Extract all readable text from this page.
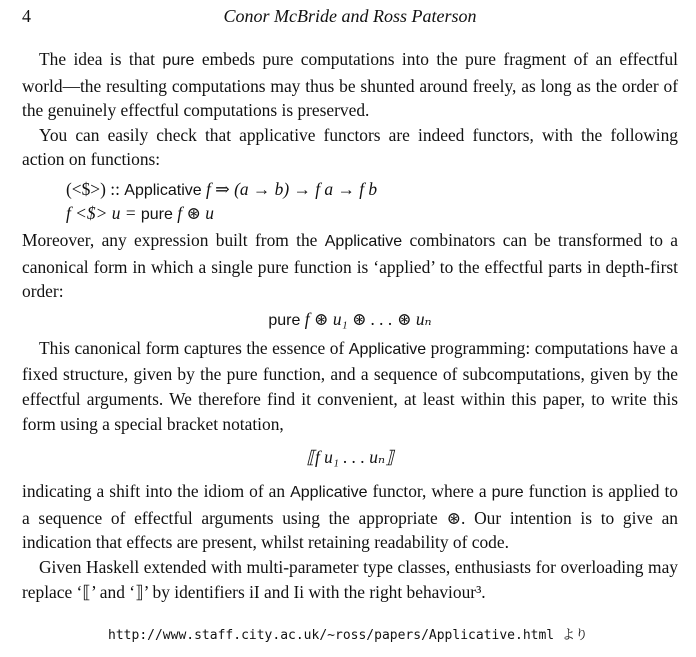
4	Conor McBride and Ross Paterson

The idea is that pure embeds pure computations into the pure fragment of an effectful world—the resulting computations may thus be shunted around freely, as long as the order of the genuinely effectful computations is preserved.

You can easily check that applicative functors are indeed functors, with the following action on functions:

(<$>) :: Applicative f ⇒ (a → b) → f a → f b
f <$> u = pure f ⊛ u

Moreover, any expression built from the Applicative combinators can be transformed to a canonical form in which a single pure function is ‘applied’ to the effectful parts in depth-first order:

pure f ⊛ u₁ ⊛ . . . ⊛ uₙ

This canonical form captures the essence of Applicative programming: computations have a fixed structure, given by the pure function, and a sequence of subcomputations, given by the effectful arguments. We therefore find it convenient, at least within this paper, to write this form using a special bracket notation,

⟦f u₁ . . . uₙ⟧

indicating a shift into the idiom of an Applicative functor, where a pure function is applied to a sequence of effectful arguments using the appropriate ⊛. Our intention is to give an indication that effects are present, whilst retaining readability of code.

Given Haskell extended with multi-parameter type classes, enthusiasts for overloading may replace ‘⟦’ and ‘⟧’ by identifiers iI and Ii with the right behaviour³.

http://www.staff.city.ac.uk/~ross/papers/Applicative.html より
